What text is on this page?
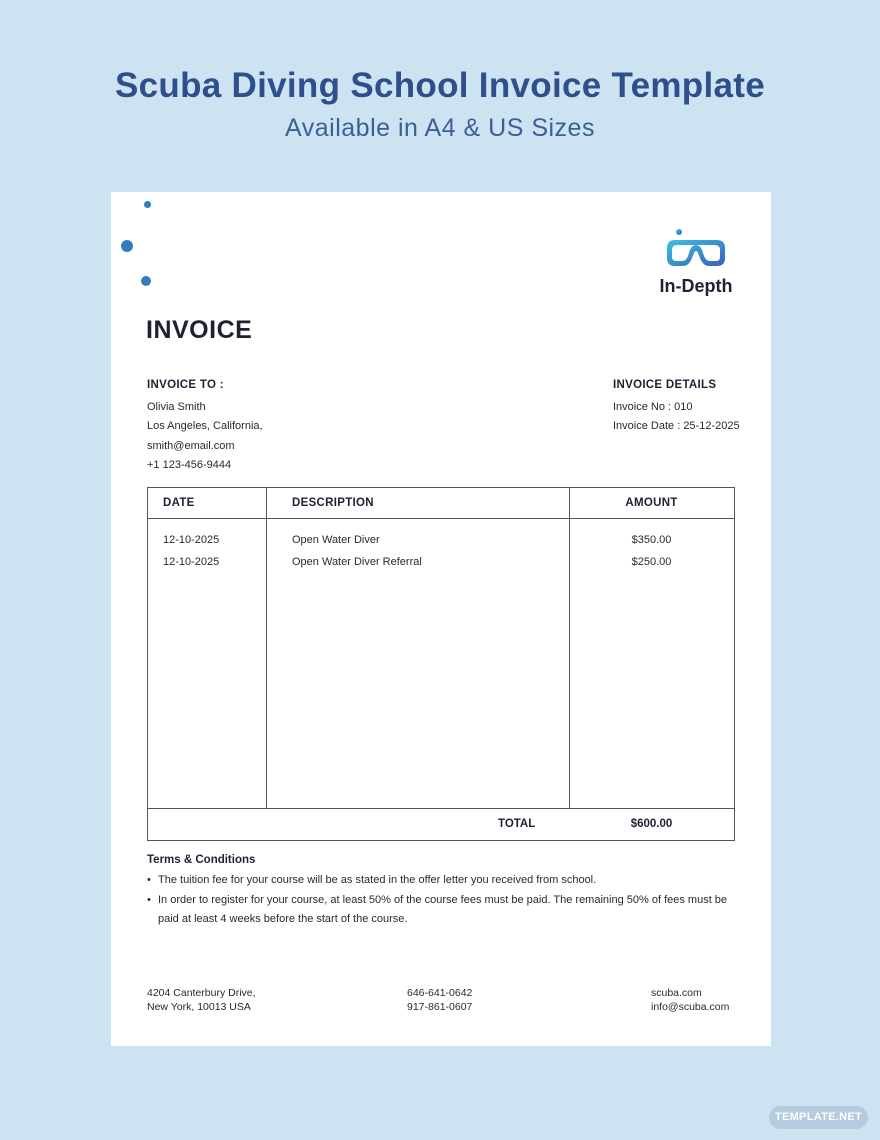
Scuba Diving School Invoice Template
Available in A4 & US Sizes
In-Depth
INVOICE
INVOICE TO :
Olivia Smith
Los Angeles, California,
smith@email.com
+1 123-456-9444
INVOICE DETAILS
Invoice No : 010
Invoice Date : 25-12-2025
DATE	DESCRIPTION	AMOUNT
12-10-2025	Open Water Diver	$350.00
12-10-2025	Open Water Diver Referral	$250.00
TOTAL	$600.00
Terms & Conditions
• The tuition fee for your course will be as stated in the offer letter you received from school.
• In order to register for your course, at least 50% of the course fees must be paid. The remaining 50% of fees must be paid at least 4 weeks before the start of the course.
4204 Canterbury Drive,
New York, 10013 USA
646-641-0642
917-861-0607
scuba.com
info@scuba.com
TEMPLATE.NET
